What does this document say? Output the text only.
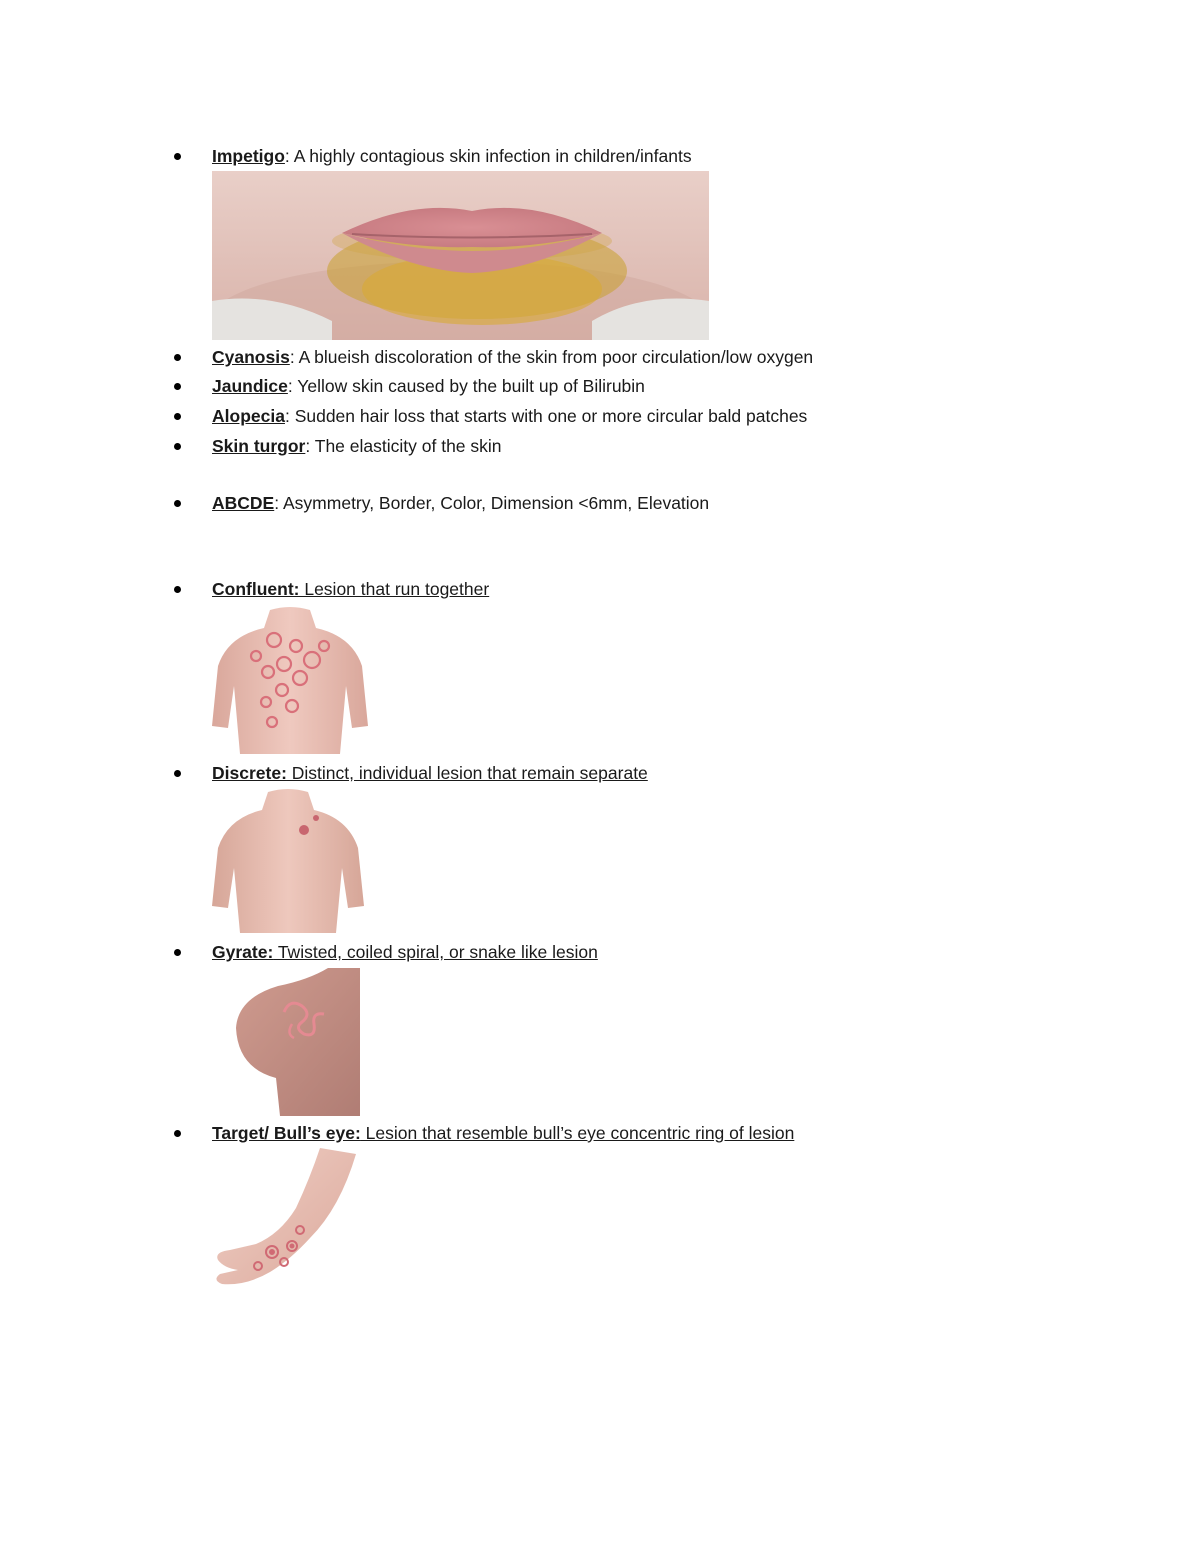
Impetigo: A highly contagious skin infection in children/infants
Cyanosis: A blueish discoloration of the skin from poor circulation/low oxygen
Jaundice: Yellow skin caused by the built up of Bilirubin
Alopecia: Sudden hair loss that starts with one or more circular bald patches
Skin turgor: The elasticity of the skin
ABCDE: Asymmetry, Border, Color, Dimension <6mm, Elevation
Confluent: Lesion that run together
Discrete: Distinct, individual lesion that remain separate
Gyrate: Twisted, coiled spiral, or snake like lesion
Target/ Bull’s eye: Lesion that resemble bull’s eye concentric ring of lesion
